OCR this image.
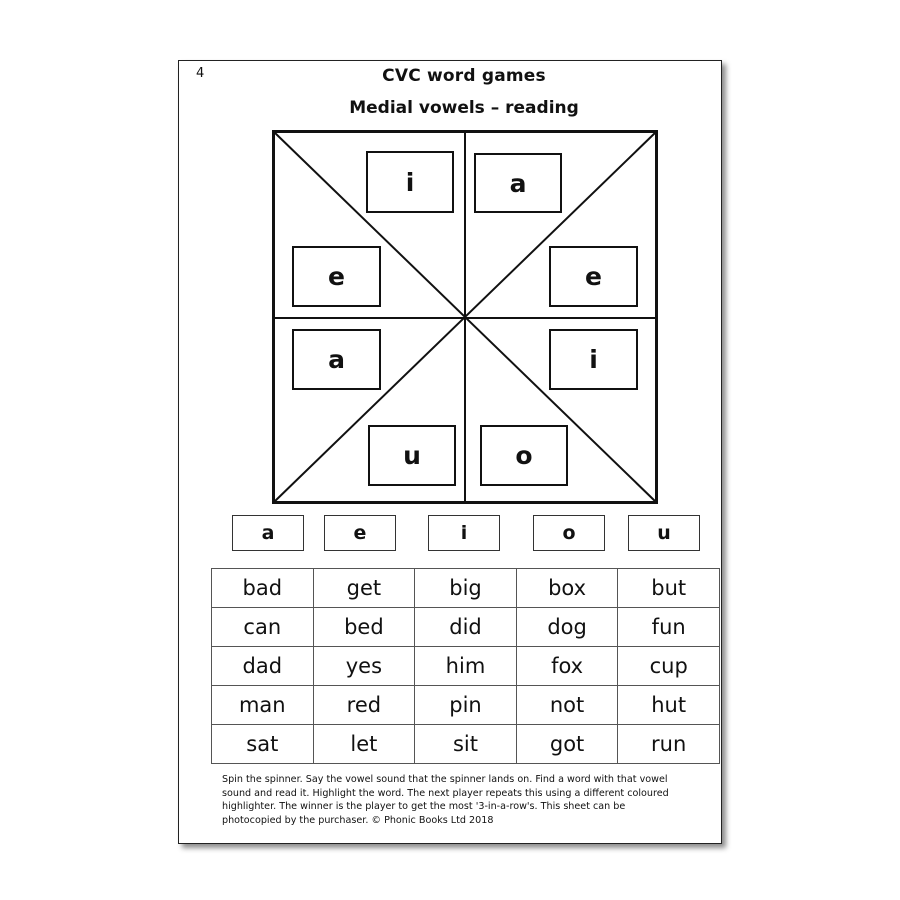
4	CVC word games
Medial vowels – reading
i	a
e	e
a	i
u	o
a	e	i	o	u
bad	get	big	box	but
can	bed	did	dog	fun
dad	yes	him	fox	cup
man	red	pin	not	hut
sat	let	sit	got	run
Spin the spinner. Say the vowel sound that the spinner lands on. Find a word with that vowel
sound and read it. Highlight the word. The next player repeats this using a different coloured
highlighter. The winner is the player to get the most '3-in-a-row's. This sheet can be
photocopied by the purchaser. © Phonic Books Ltd 2018
